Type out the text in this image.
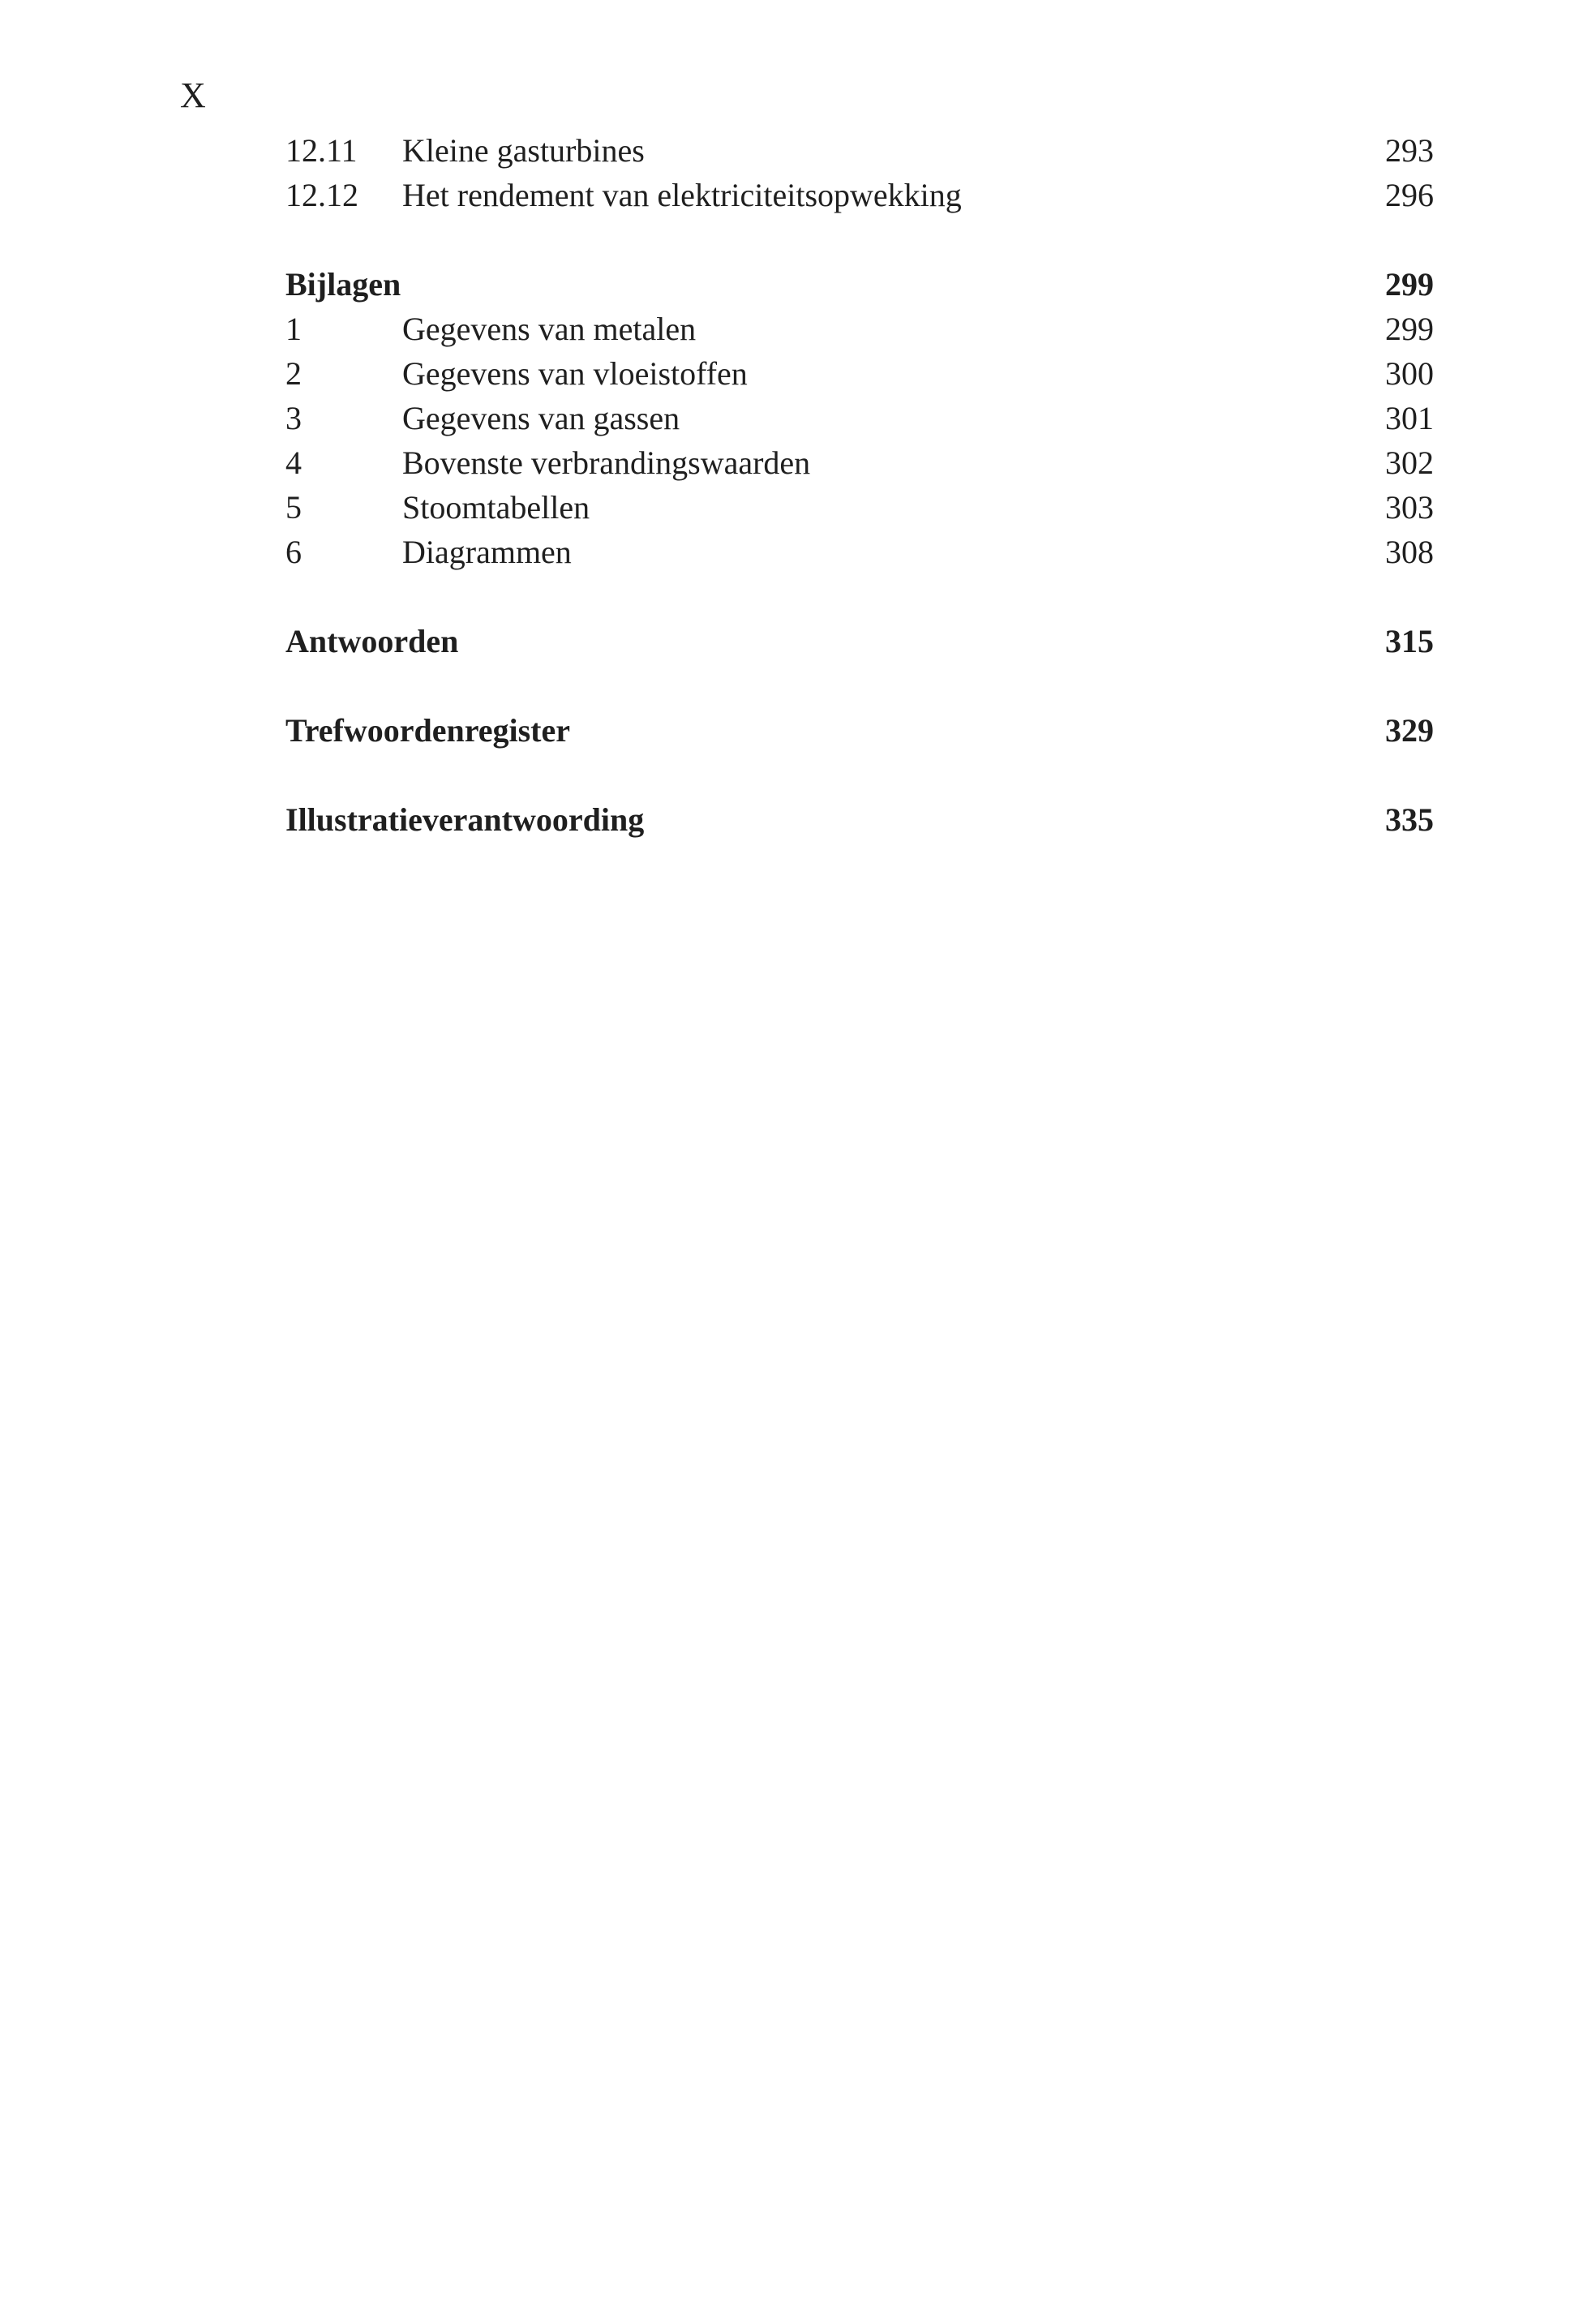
X
12.11 Kleine gasturbines	293
12.12 Het rendement van elektriciteitsopwekking	296
Bijlagen	299
1	Gegevens van metalen	299
2	Gegevens van vloeistoffen	300
3	Gegevens van gassen	301
4	Bovenste verbrandingswaarden	302
5	Stoomtabellen	303
6	Diagrammen	308
Antwoorden	315
Trefwoordenregister	329
Illustratieverantwoording	335
